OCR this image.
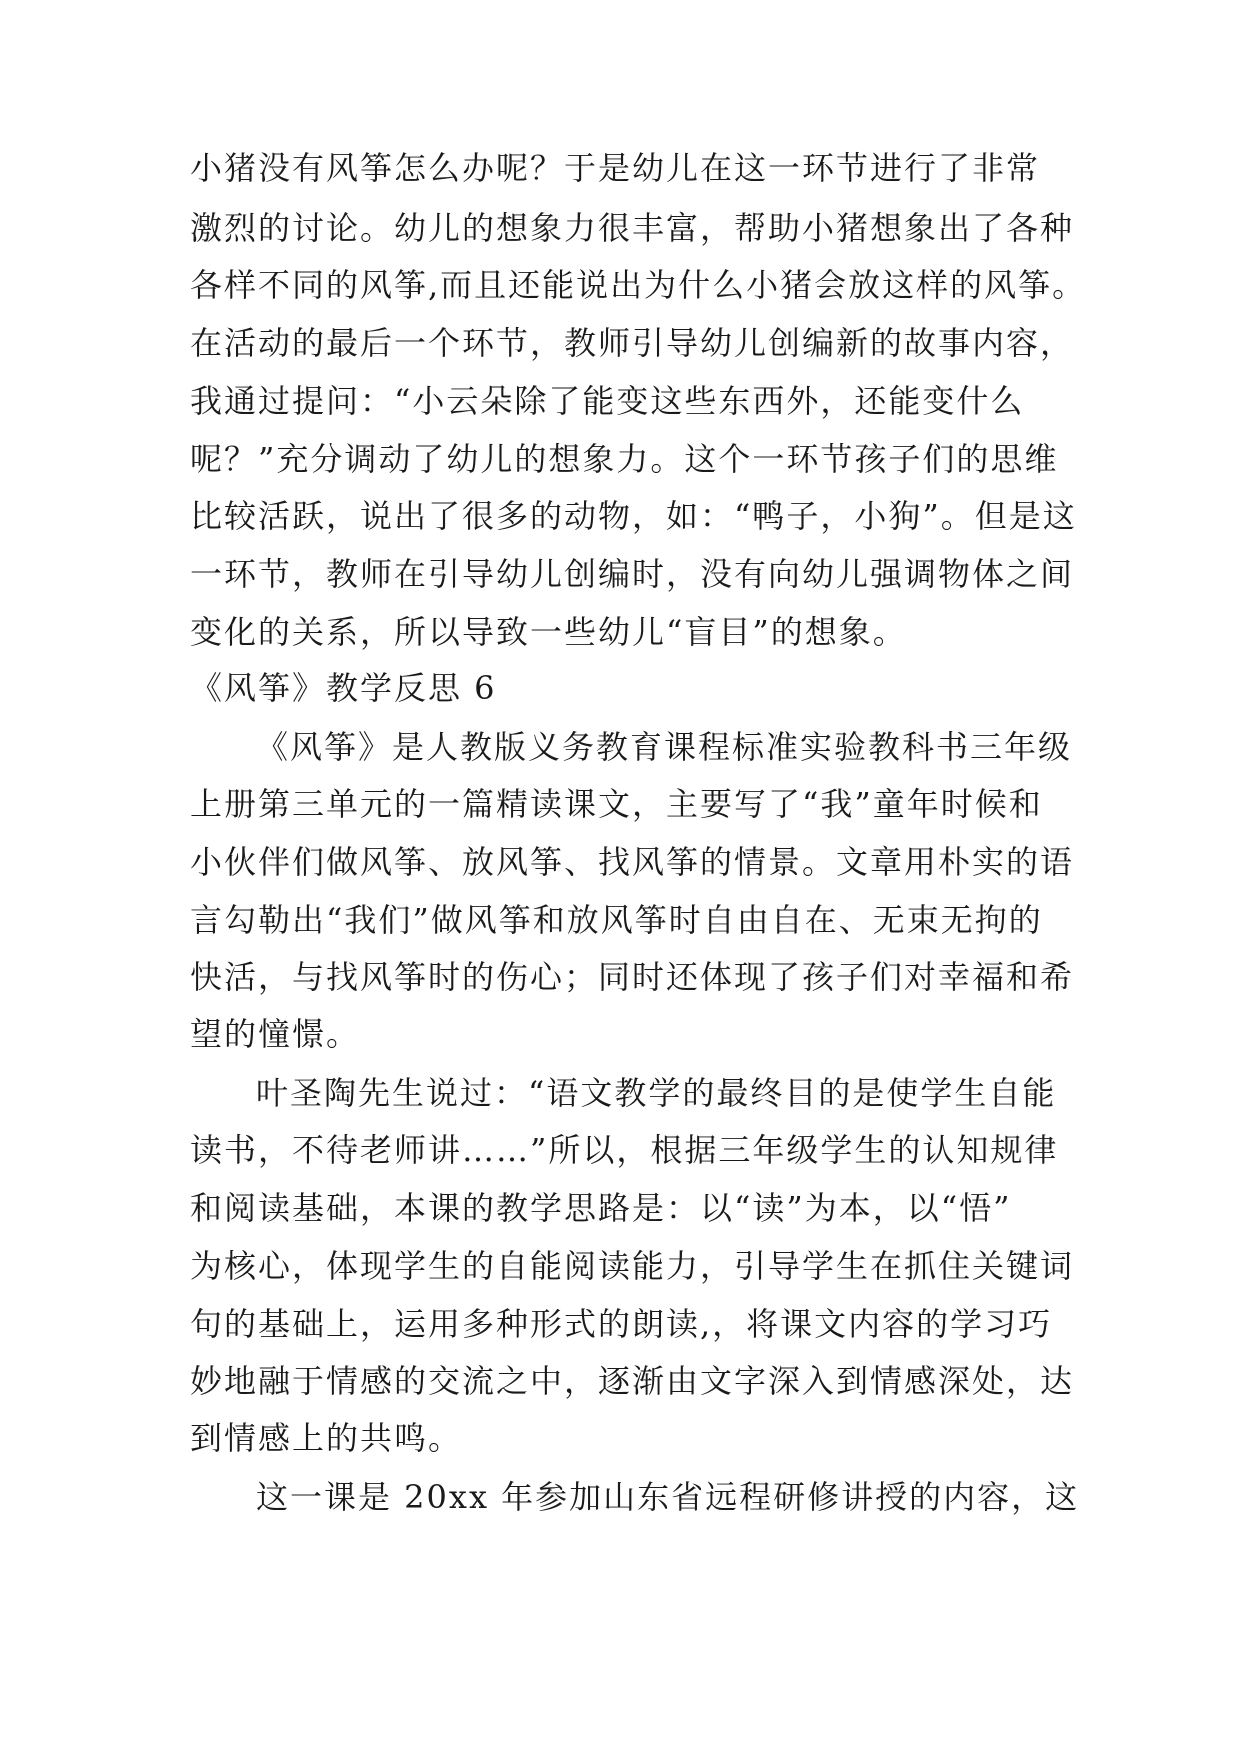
小猪没有风筝怎么办呢？于是幼儿在这一环节进行了非常
激烈的讨论。幼儿的想象力很丰富，帮助小猪想象出了各种
各样不同的风筝,而且还能说出为什么小猪会放这样的风筝。
在活动的最后一个环节，教师引导幼儿创编新的故事内容，
我通过提问：“小云朵除了能变这些东西外，还能变什么
呢？”充分调动了幼儿的想象力。这个一环节孩子们的思维
比较活跃，说出了很多的动物，如：“鸭子，小狗”。但是这
一环节，教师在引导幼儿创编时，没有向幼儿强调物体之间
变化的关系，所以导致一些幼儿“盲目”的想象。
《风筝》教学反思 6
《风筝》是人教版义务教育课程标准实验教科书三年级
上册第三单元的一篇精读课文，主要写了“我”童年时候和
小伙伴们做风筝、放风筝、找风筝的情景。文章用朴实的语
言勾勒出“我们”做风筝和放风筝时自由自在、无束无拘的
快活，与找风筝时的伤心；同时还体现了孩子们对幸福和希
望的憧憬。
叶圣陶先生说过：“语文教学的最终目的是使学生自能
读书，不待老师讲……”所以，根据三年级学生的认知规律
和阅读基础，本课的教学思路是：以“读”为本，以“悟”
为核心，体现学生的自能阅读能力，引导学生在抓住关键词
句的基础上，运用多种形式的朗读,，将课文内容的学习巧
妙地融于情感的交流之中，逐渐由文字深入到情感深处，达
到情感上的共鸣。
这一课是 20xx 年参加山东省远程研修讲授的内容，这
